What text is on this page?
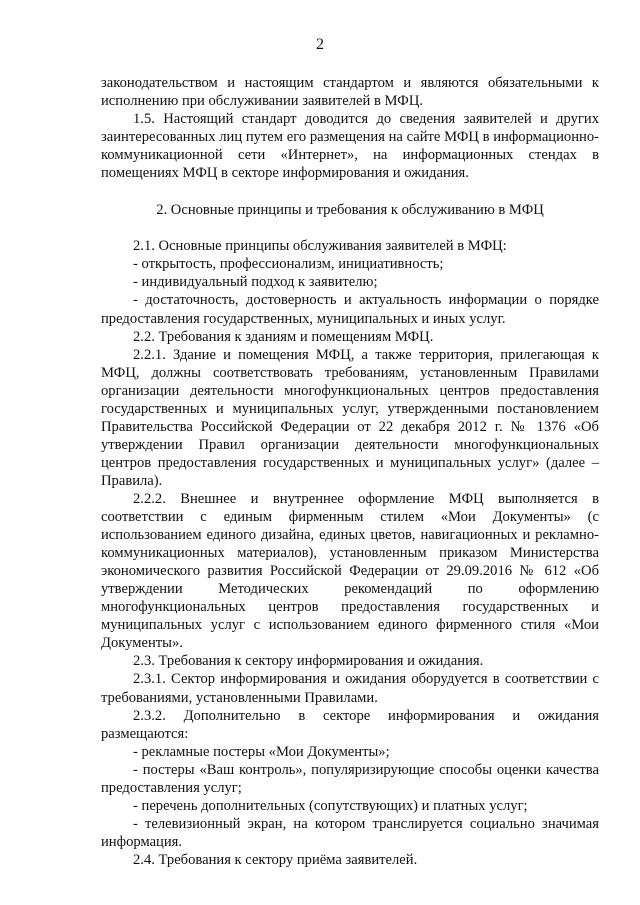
2

законодательством и настоящим стандартом и являются обязательными к исполнению при обслуживании заявителей в МФЦ.

1.5. Настоящий стандарт доводится до сведения заявителей и других заинтересованных лиц путем его размещения на сайте МФЦ в информационно-коммуникационной сети «Интернет», на информационных стендах в помещениях МФЦ в секторе информирования и ожидания.

2. Основные принципы и требования к обслуживанию в МФЦ

2.1. Основные принципы обслуживания заявителей в МФЦ:

- открытость, профессионализм, инициативность;

- индивидуальный подход к заявителю;

- достаточность, достоверность и актуальность информации о порядке предоставления государственных, муниципальных и иных услуг.

2.2. Требования к зданиям и помещениям МФЦ.

2.2.1. Здание и помещения МФЦ, а также территория, прилегающая к МФЦ, должны соответствовать требованиям, установленным Правилами организации деятельности многофункциональных центров предоставления государственных и муниципальных услуг, утвержденными постановлением Правительства Российской Федерации от 22 декабря 2012 г. № 1376 «Об утверждении Правил организации деятельности многофункциональных центров предоставления государственных и муниципальных услуг» (далее – Правила).

2.2.2. Внешнее и внутреннее оформление МФЦ выполняется в соответствии с единым фирменным стилем «Мои Документы» (с использованием единого дизайна, единых цветов, навигационных и рекламно-коммуникационных материалов), установленным приказом Министерства экономического развития Российской Федерации от 29.09.2016 № 612 «Об утверждении Методических рекомендаций по оформлению многофункциональных центров предоставления государственных и муниципальных услуг с использованием единого фирменного стиля «Мои Документы».

2.3. Требования к сектору информирования и ожидания.

2.3.1. Сектор информирования и ожидания оборудуется в соответствии с требованиями, установленными Правилами.

2.3.2. Дополнительно в секторе информирования и ожидания размещаются:

- рекламные постеры «Мои Документы»;

- постеры «Ваш контроль», популяризирующие способы оценки качества предоставления услуг;

- перечень дополнительных (сопутствующих) и платных услуг;

- телевизионный экран, на котором транслируется социально значимая информация.

2.4. Требования к сектору приёма заявителей.
